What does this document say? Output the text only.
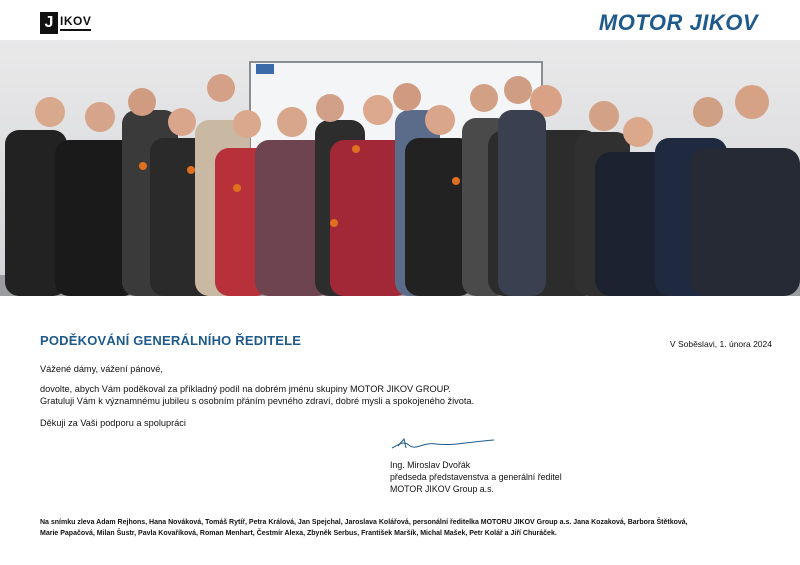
J IKOV	MOTOR JIKOV
PODĚKOVÁNÍ GENERÁLNÍHO ŘEDITELE	V Soběslavi, 1. února 2024
Vážené dámy, vážení pánové,
dovolte, abych Vám poděkoval za příkladný podíl na dobrém jménu skupiny MOTOR JIKOV GROUP.
Gratuluji Vám k významnému jubileu s osobním přáním pevného zdraví, dobré mysli a spokojeného života.
Děkuji za Vaši podporu a spolupráci
Ing. Miroslav Dvořák
předseda představenstva a generální ředitel
MOTOR JIKOV Group a.s.
Na snímku zleva Adam Rejhons, Hana Nováková, Tomáš Rytíř, Petra Králová, Jan Spejchal, Jaroslava Kolářová, personální ředitelka MOTORU JIKOV Group a.s. Jana Kozaková, Barbora Štětková,
Marie Papačová, Milan Šustr, Pavla Kovaříková, Roman Menhart, Čestmír Alexa, Zbyněk Serbus, František Maršík, Michal Mašek, Petr Kolář a Jiří Churáček.
